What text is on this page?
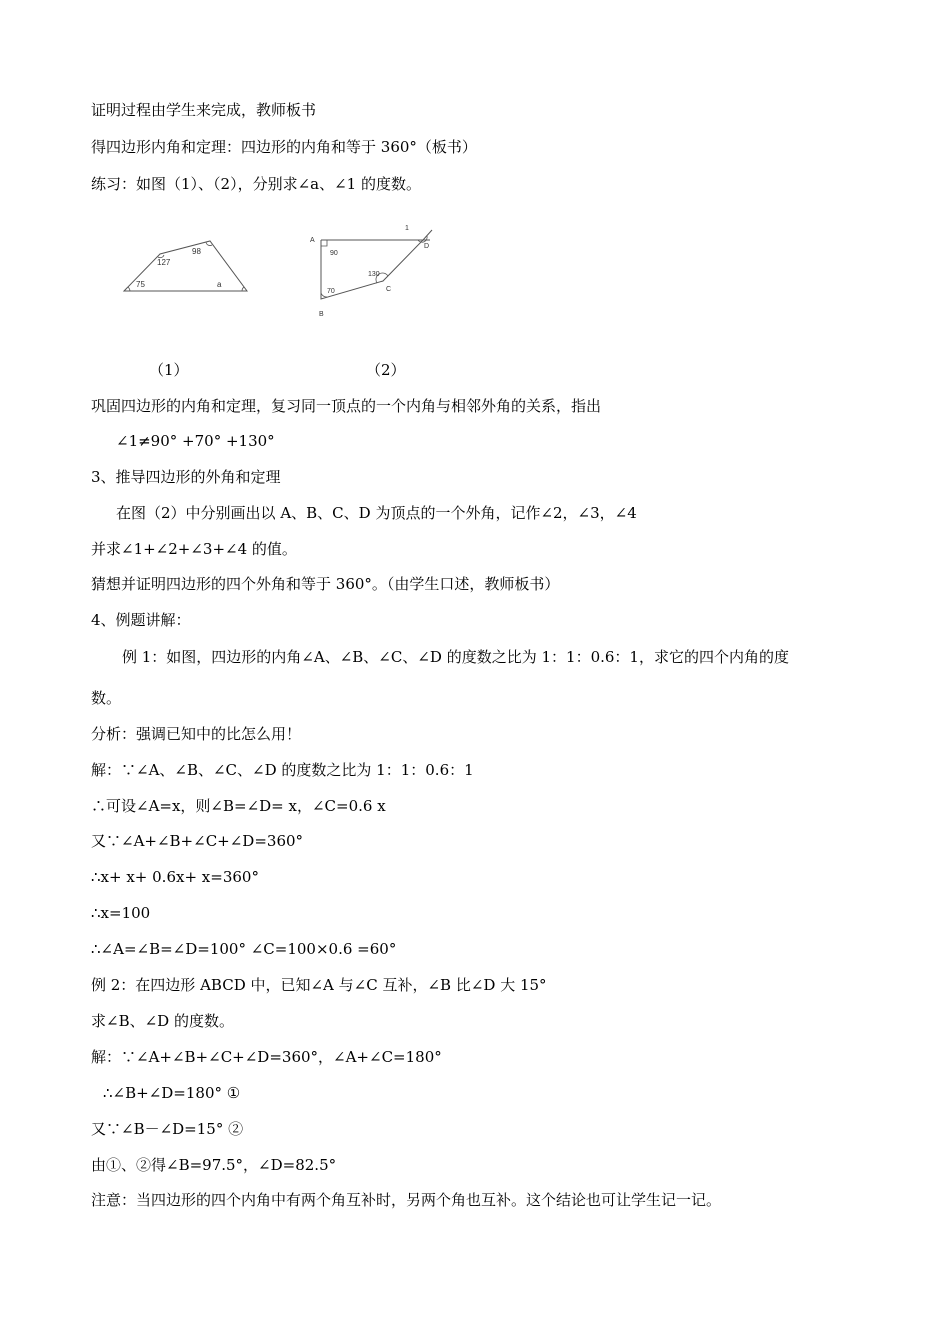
证明过程由学生来完成，教师板书
得四边形内角和定理：四边形的内角和等于 360°（板书）
练习：如图（1）、（2），分别求∠a、∠1 的度数。
98
127
75	a
A
B
C
D
1
90
70
130
（1）	（2）
巩固四边形的内角和定理，复习同一顶点的一个内角与相邻外角的关系，指出
∠1≠90° +70° +130°
3、推导四边形的外角和定理
在图（2）中分别画出以 A、B、C、D 为顶点的一个外角，记作∠2，∠3，∠4
并求∠1+∠2+∠3+∠4 的值。
猜想并证明四边形的四个外角和等于 360°。（由学生口述，教师板书）
4、例题讲解：
例 1：如图，四边形的内角∠A、∠B、∠C、∠D 的度数之比为 1：1：0.6：1，求它的四个内角的度
数。
分析：强调已知中的比怎么用！
解：∵∠A、∠B、∠C、∠D 的度数之比为 1：1：0.6：1
∴可设∠A=x，则∠B=∠D= x，∠C=0.6 x
又∵∠A+∠B+∠C+∠D=360°
∴x+ x+ 0.6x+ x=360°
∴x=100
∴∠A=∠B=∠D=100° ∠C=100×0.6 =60°
例 2：在四边形 ABCD 中，已知∠A 与∠C 互补，∠B 比∠D 大 15°
求∠B、∠D 的度数。
解：∵∠A+∠B+∠C+∠D=360°，∠A+∠C=180°
∴∠B+∠D=180° ①
又∵∠B－∠D=15° ②
由①、②得∠B=97.5°，∠D=82.5°
注意：当四边形的四个内角中有两个角互补时，另两个角也互补。这个结论也可让学生记一记。
